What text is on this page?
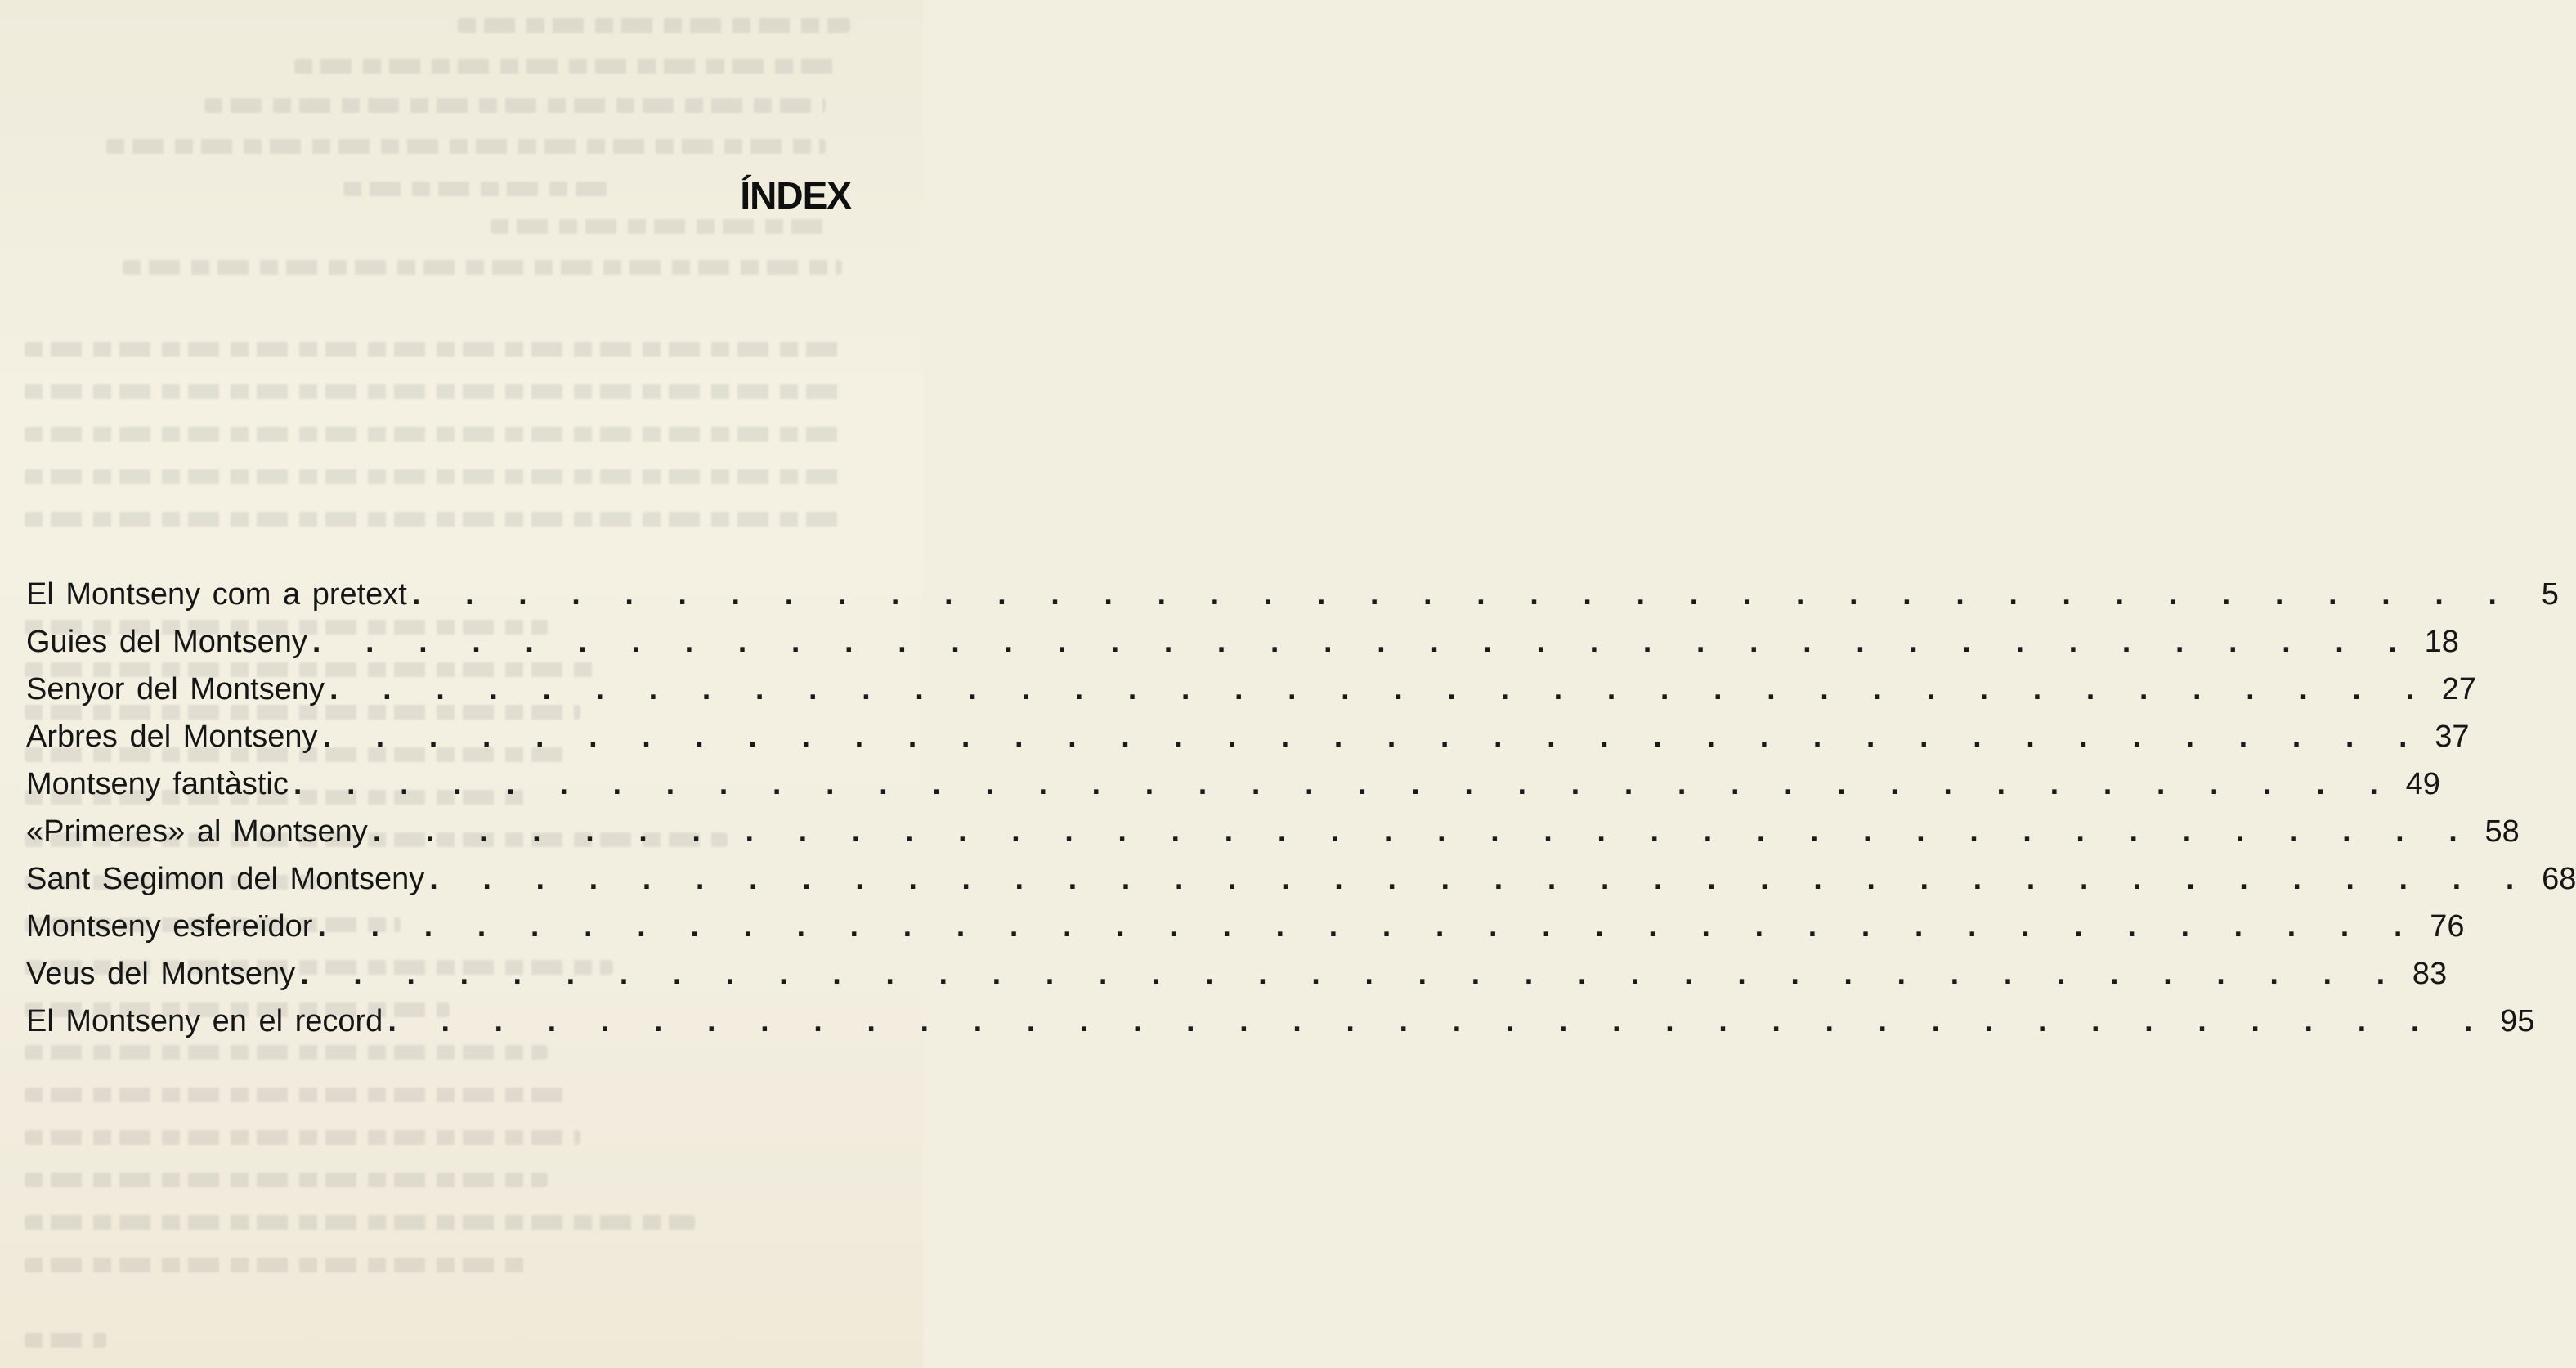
ÍNDEX
El Montseny com a pretext . . . . . . . . . . . . . . . . . . . . . . . . . . . . . . . . . . . . . . . . 5
Guies del Montseny . . . . . . . . . . . . . . . . . . . . . . . . . . . . . . . . . . . . . . . . 18
Senyor del Montseny . . . . . . . . . . . . . . . . . . . . . . . . . . . . . . . . . . . . . . . . 27
Arbres del Montseny . . . . . . . . . . . . . . . . . . . . . . . . . . . . . . . . . . . . . . . . 37
Montseny fantàstic . . . . . . . . . . . . . . . . . . . . . . . . . . . . . . . . . . . . . . . . 49
«Primeres» al Montseny . . . . . . . . . . . . . . . . . . . . . . . . . . . . . . . . . . . . . . . . 58
Sant Segimon del Montseny . . . . . . . . . . . . . . . . . . . . . . . . . . . . . . . . . . . . . . . . 68
Montseny esfereïdor . . . . . . . . . . . . . . . . . . . . . . . . . . . . . . . . . . . . . . . . 76
Veus del Montseny . . . . . . . . . . . . . . . . . . . . . . . . . . . . . . . . . . . . . . . . 83
El Montseny en el record . . . . . . . . . . . . . . . . . . . . . . . . . . . . . . . . . . . . . . . . 95
